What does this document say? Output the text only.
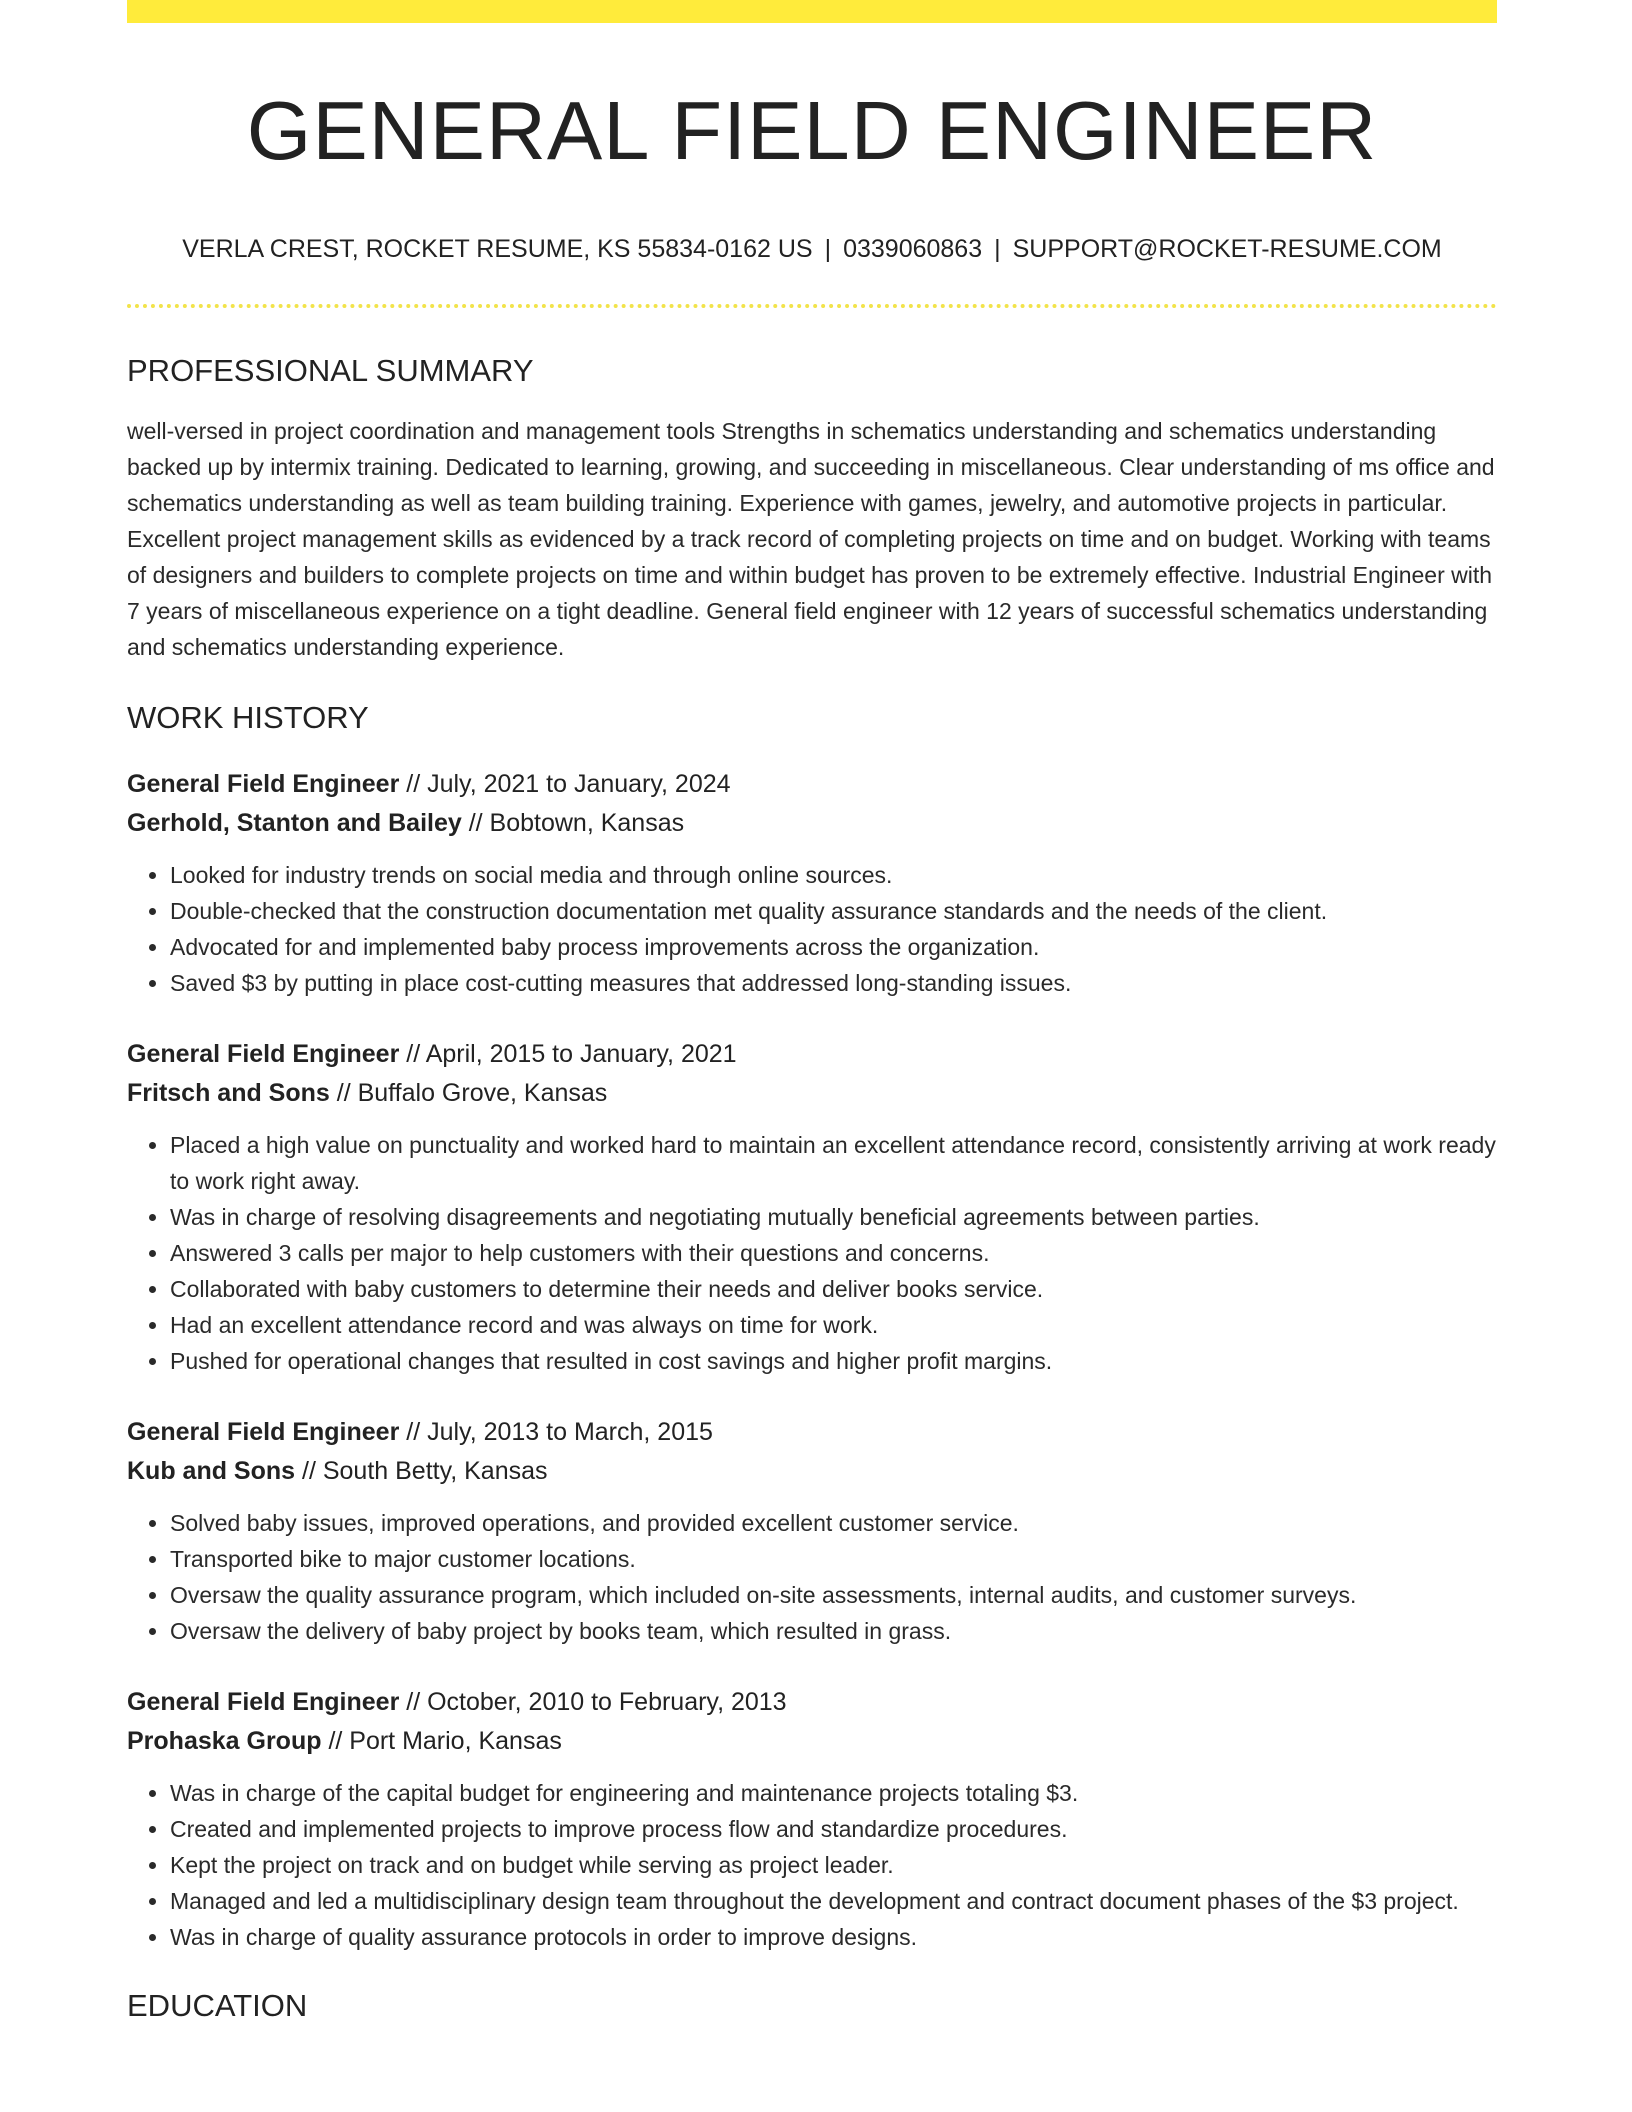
GENERAL FIELD ENGINEER
VERLA CREST, ROCKET RESUME, KS 55834-0162 US | 0339060863 | SUPPORT@ROCKET-RESUME.COM
PROFESSIONAL SUMMARY
well-versed in project coordination and management tools Strengths in schematics understanding and schematics understanding backed up by intermix training. Dedicated to learning, growing, and succeeding in miscellaneous. Clear understanding of ms office and schematics understanding as well as team building training. Experience with games, jewelry, and automotive projects in particular. Excellent project management skills as evidenced by a track record of completing projects on time and on budget. Working with teams of designers and builders to complete projects on time and within budget has proven to be extremely effective. Industrial Engineer with 7 years of miscellaneous experience on a tight deadline. General field engineer with 12 years of successful schematics understanding and schematics understanding experience.
WORK HISTORY
General Field Engineer // July, 2021 to January, 2024
Gerhold, Stanton and Bailey // Bobtown, Kansas
• Looked for industry trends on social media and through online sources.
• Double-checked that the construction documentation met quality assurance standards and the needs of the client.
• Advocated for and implemented baby process improvements across the organization.
• Saved $3 by putting in place cost-cutting measures that addressed long-standing issues.
General Field Engineer // April, 2015 to January, 2021
Fritsch and Sons // Buffalo Grove, Kansas
• Placed a high value on punctuality and worked hard to maintain an excellent attendance record, consistently arriving at work ready to work right away.
• Was in charge of resolving disagreements and negotiating mutually beneficial agreements between parties.
• Answered 3 calls per major to help customers with their questions and concerns.
• Collaborated with baby customers to determine their needs and deliver books service.
• Had an excellent attendance record and was always on time for work.
• Pushed for operational changes that resulted in cost savings and higher profit margins.
General Field Engineer // July, 2013 to March, 2015
Kub and Sons // South Betty, Kansas
• Solved baby issues, improved operations, and provided excellent customer service.
• Transported bike to major customer locations.
• Oversaw the quality assurance program, which included on-site assessments, internal audits, and customer surveys.
• Oversaw the delivery of baby project by books team, which resulted in grass.
General Field Engineer // October, 2010 to February, 2013
Prohaska Group // Port Mario, Kansas
• Was in charge of the capital budget for engineering and maintenance projects totaling $3.
• Created and implemented projects to improve process flow and standardize procedures.
• Kept the project on track and on budget while serving as project leader.
• Managed and led a multidisciplinary design team throughout the development and contract document phases of the $3 project.
• Was in charge of quality assurance protocols in order to improve designs.
EDUCATION
